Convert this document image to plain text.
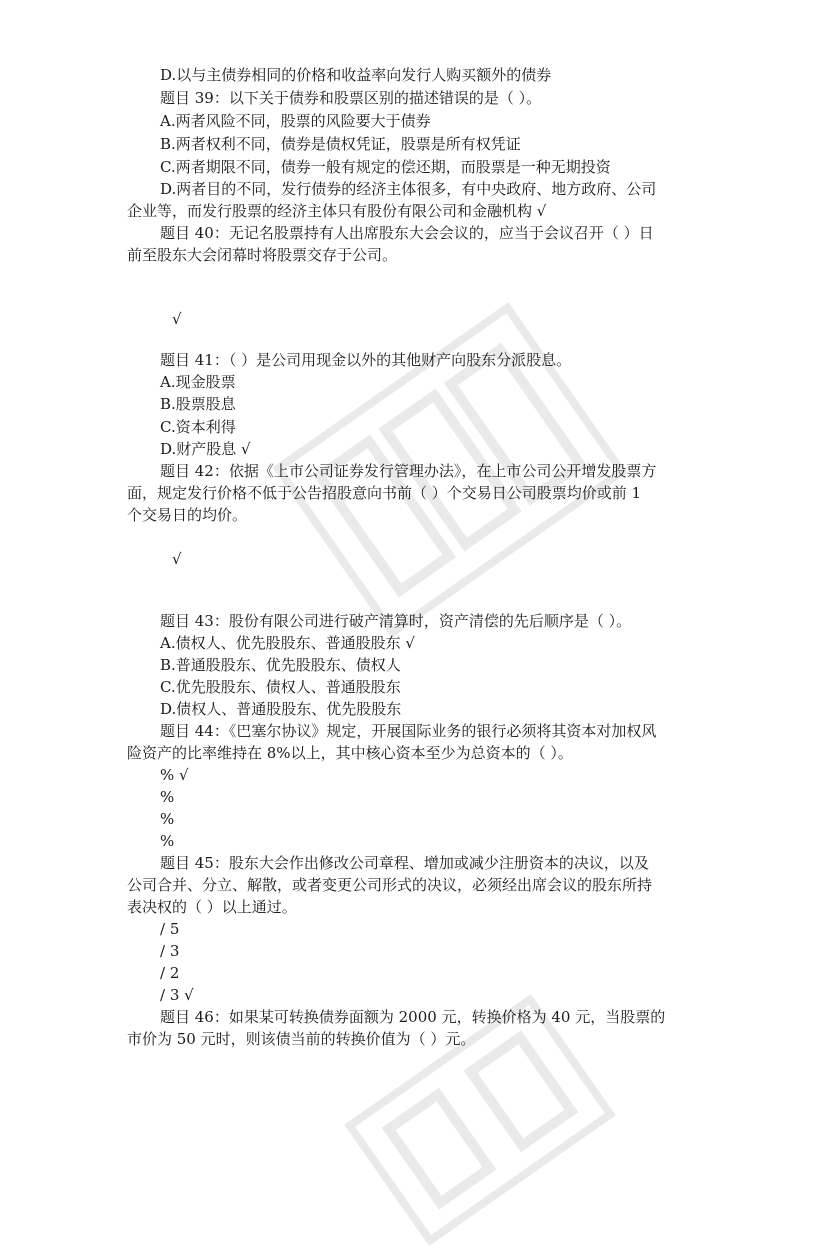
D.以与主债券相同的价格和收益率向发行人购买额外的债券
题目 39：以下关于债券和股票区别的描述错误的是（ ）。
A.两者风险不同，股票的风险要大于债券
B.两者权利不同，债券是债权凭证，股票是所有权凭证
C.两者期限不同，债券一般有规定的偿还期，而股票是一种无期投资
D.两者目的不同，发行债券的经济主体很多，有中央政府、地方政府、公司
企业等，而发行股票的经济主体只有股份有限公司和金融机构 √
题目 40：无记名股票持有人出席股东大会会议的，应当于会议召开（ ）日
前至股东大会闭幕时将股票交存于公司。
√
题目 41：（ ）是公司用现金以外的其他财产向股东分派股息。
A.现金股票
B.股票股息
C.资本利得
D.财产股息 √
题目 42：依据《上市公司证券发行管理办法》，在上市公司公开增发股票方
面，规定发行价格不低于公告招股意向书前（ ）个交易日公司股票均价或前 1
个交易日的均价。
√
题目 43：股份有限公司进行破产清算时，资产清偿的先后顺序是（ ）。
A.债权人、优先股股东、普通股股东 √
B.普通股股东、优先股股东、债权人
C.优先股股东、债权人、普通股股东
D.债权人、普通股股东、优先股股东
题目 44：《巴塞尔协议》规定，开展国际业务的银行必须将其资本对加权风
险资产的比率维持在 8%以上，其中核心资本至少为总资本的（ ）。
% √
%
%
%
题目 45：股东大会作出修改公司章程、增加或减少注册资本的决议，以及
公司合并、分立、解散，或者变更公司形式的决议，必须经出席会议的股东所持
表决权的（ ）以上通过。
/ 5
/ 3
/ 2
/ 3 √
题目 46：如果某可转换债券面额为 2000 元，转换价格为 40 元，当股票的
市价为 50 元时，则该债当前的转换价值为（ ）元。
